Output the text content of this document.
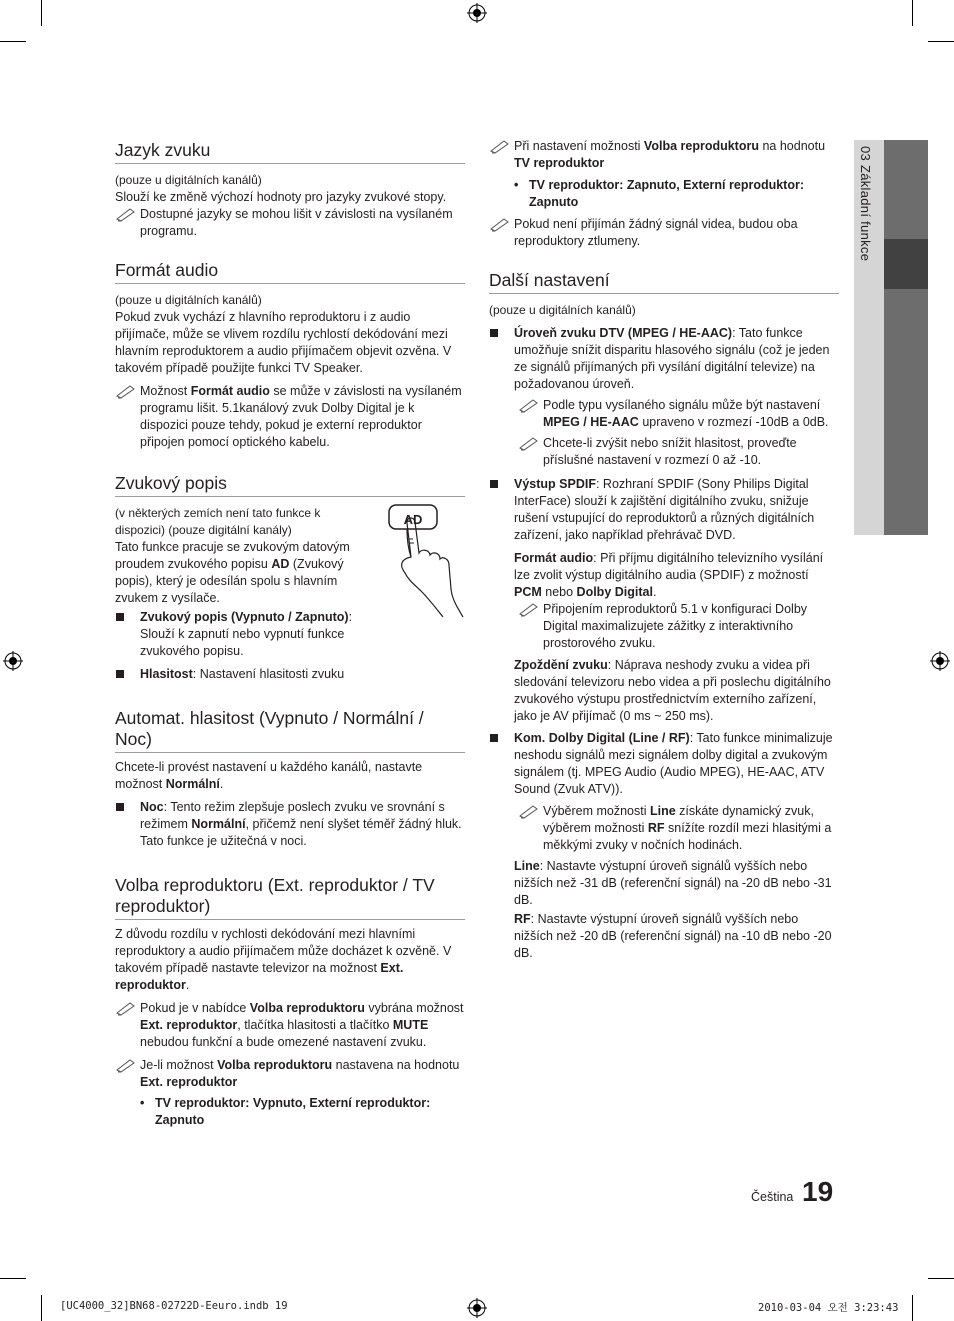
03 Základní funkce
Jazyk zvuku

(pouze u digitálních kanálů)

Slouží ke změně výchozí hodnoty pro jazyky zvukové stopy.

Dostupné jazyky se mohou lišit v závislosti na vysílaném programu.
Formát audio

(pouze u digitálních kanálů)

Pokud zvuk vychází z hlavního reproduktoru i z audio přijímače, může se vlivem rozdílu rychlostí dekódování mezi hlavním reproduktorem a audio přijímačem objevit ozvěna. V takovém případě použijte funkci TV Speaker.

Možnost Formát audio se může v závislosti na vysílaném programu lišit. 5.1kanálový zvuk Dolby Digital je k dispozici pouze tehdy, pokud je externí reproduktor připojen pomocí optického kabelu.
Zvukový popis

(v některých zemích není tato funkce k dispozici) (pouze digitální kanály)

Tato funkce pracuje se zvukovým datovým proudem zvukového popisu AD (Zvukový popis), který je odesílán spolu s hlavním zvukem z vysílače.

AD
Zvukový popis (Vypnuto / Zapnuto): Slouží k zapnutí nebo vypnutí funkce zvukového popisu.
Hlasitost: Nastavení hlasitosti zvuku
Automat. hlasitost (Vypnuto / Normální / Noc)

Chcete-li provést nastavení u každého kanálů, nastavte možnost Normální.

Noc: Tento režim zlepšuje poslech zvuku ve srovnání s režimem Normální, přičemž není slyšet téměř žádný hluk. Tato funkce je užitečná v noci.
Volba reproduktoru (Ext. reproduktor / TV reproduktor)

Z důvodu rozdílu v rychlosti dekódování mezi hlavními reproduktory a audio přijímačem může docházet k ozvěně. V takovém případě nastavte televizor na možnost Ext. reproduktor.

Pokud je v nabídce Volba reproduktoru vybrána možnost Ext. reproduktor, tlačítka hlasitosti a tlačítko MUTE nebudou funkční a bude omezené nastavení zvuku.
Je-li možnost Volba reproduktoru nastavena na hodnotu Ext. reproduktor
• TV reproduktor: Vypnuto, Externí reproduktor: Zapnuto
Při nastavení možnosti Volba reproduktoru na hodnotu TV reproduktor
• TV reproduktor: Zapnuto, Externí reproduktor: Zapnuto
Pokud není přijímán žádný signál videa, budou oba reproduktory ztlumeny.
Další nastavení

(pouze u digitálních kanálů)

Úroveň zvuku DTV (MPEG / HE-AAC): Tato funkce umožňuje snížit disparitu hlasového signálu (což je jeden ze signálů přijímaných při vysílání digitální televize) na požadovanou úroveň.
Podle typu vysílaného signálu může být nastavení MPEG / HE-AAC upraveno v rozmezí -10dB a 0dB.
Chcete-li zvýšit nebo snížit hlasitost, proveďte příslušné nastavení v rozmezí 0 až -10.
Výstup SPDIF: Rozhraní SPDIF (Sony Philips Digital InterFace) slouží k zajištění digitálního zvuku, snižuje rušení vstupující do reproduktorů a různých digitálních zařízení, jako například přehrávač DVD.

Formát audio: Při příjmu digitálního televizního vysílání lze zvolit výstup digitálního audia (SPDIF) z možností PCM nebo Dolby Digital.

Připojením reproduktorů 5.1 v konfiguraci Dolby Digital maximalizujete zážitky z interaktivního prostorového zvuku.

Zpoždění zvuku: Náprava neshody zvuku a videa při sledování televizoru nebo videa a při poslechu digitálního zvukového výstupu prostřednictvím externího zařízení, jako je AV přijímač (0 ms ~ 250 ms).

Kom. Dolby Digital (Line / RF): Tato funkce minimalizuje neshodu signálů mezi signálem dolby digital a zvukovým signálem (tj. MPEG Audio (Audio MPEG), HE-AAC, ATV Sound (Zvuk ATV)).
Výběrem možnosti Line získáte dynamický zvuk, výběrem možnosti RF snížíte rozdíl mezi hlasitými a měkkými zvuky v nočních hodinách.

Line: Nastavte výstupní úroveň signálů vyšších nebo nižších než -31 dB (referenční signál) na -20 dB nebo -31 dB.

RF: Nastavte výstupní úroveň signálů vyšších nebo nižších než -20 dB (referenční signál) na -10 dB nebo -20 dB.

Čeština 19
[UC4000_32]BN68-02722D-Eeuro.indb 19	2010-03-04 오전 3:23:43
